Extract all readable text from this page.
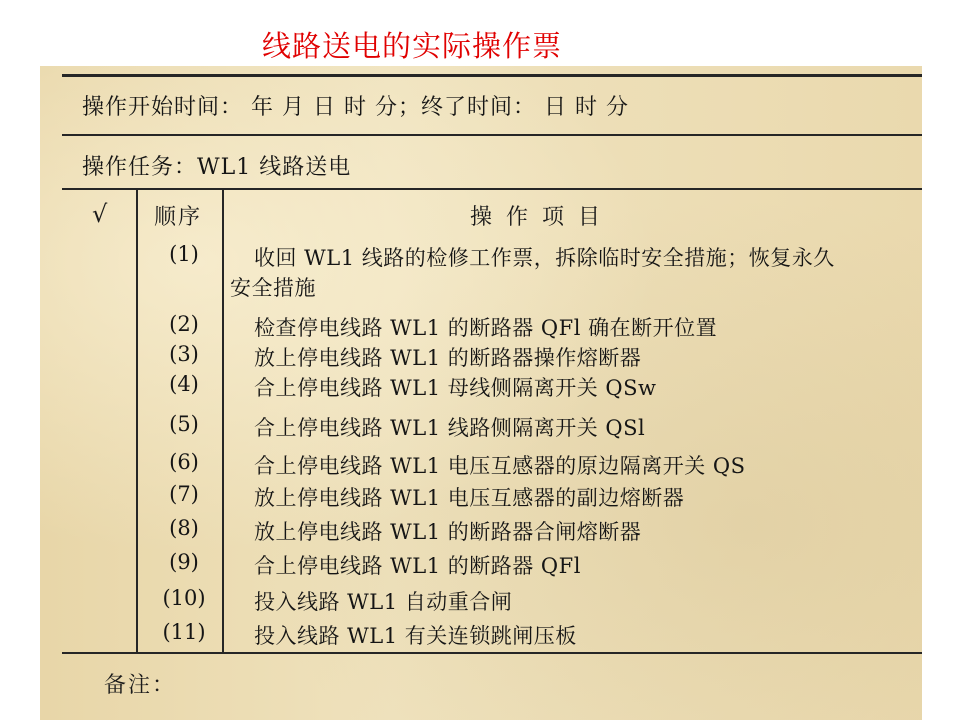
线路送电的实际操作票
操作开始时间： 年 月 日 时 分；终了时间： 日 时 分
操作任务：WL1 线路送电
√ 顺序	操作项目
(1)	收回 WL1 线路的检修工作票，拆除临时安全措施；恢复永久
安全措施
(2)	检查停电线路 WL1 的断路器 QFl 确在断开位置
(3)	放上停电线路 WL1 的断路器操作熔断器
(4)	合上停电线路 WL1 母线侧隔离开关 QSw
(5)	合上停电线路 WL1 线路侧隔离开关 QSl
(6)	合上停电线路 WL1 电压互感器的原边隔离开关 QS
(7)	放上停电线路 WL1 电压互感器的副边熔断器
(8)	放上停电线路 WL1 的断路器合闸熔断器
(9)	合上停电线路 WL1 的断路器 QFl
(10)	投入线路 WL1 自动重合闸
(11)	投入线路 WL1 有关连锁跳闸压板
备注：
